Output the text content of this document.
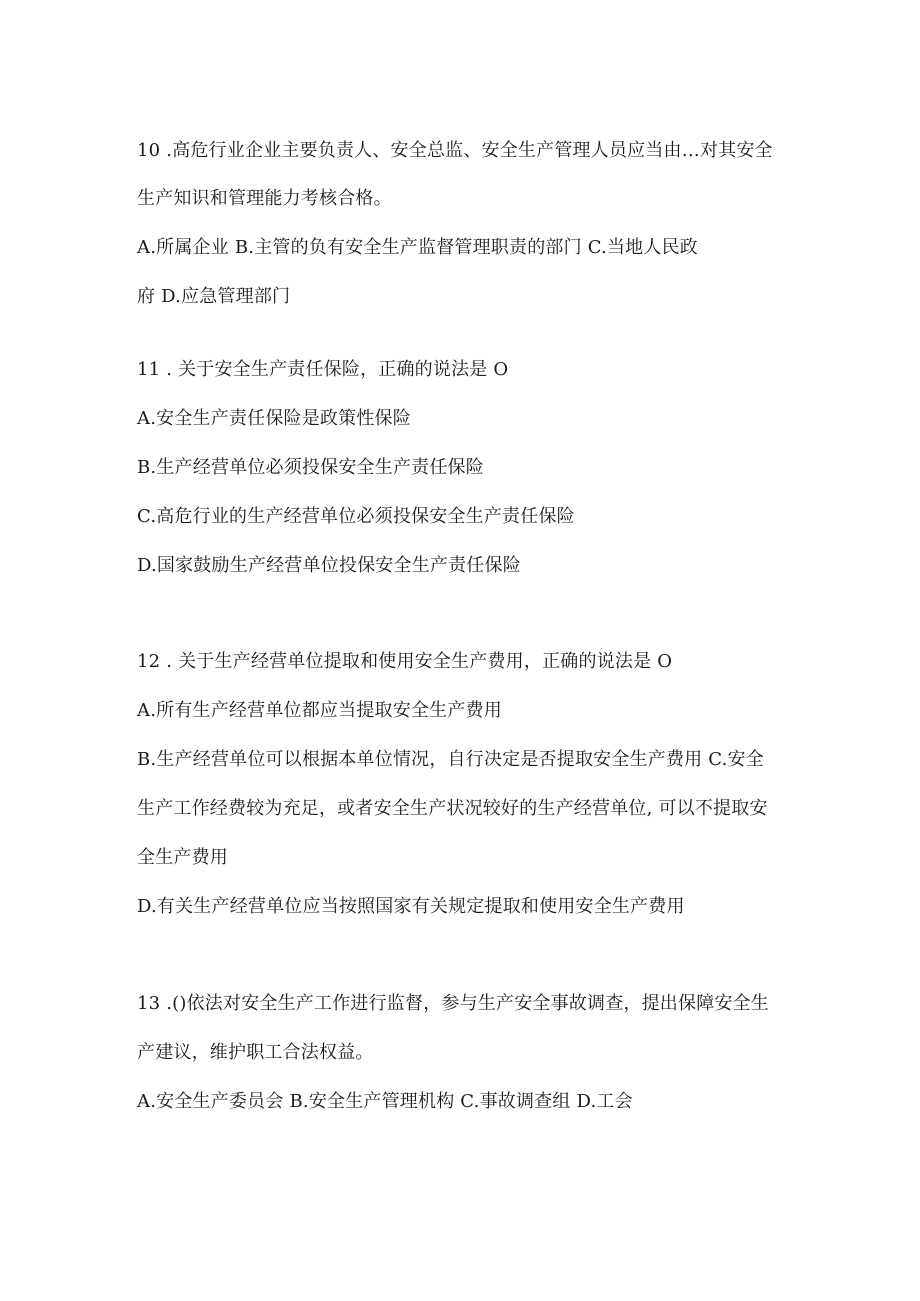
10 .高危行业企业主要负责人、安全总监、安全生产管理人员应当由…对其安全
生产知识和管理能力考核合格。
A.所属企业 B.主管的负有安全生产监督管理职责的部门 C.当地人民政
府 D.应急管理部门
11 . 关于安全生产责任保险，正确的说法是 O
A.安全生产责任保险是政策性保险
B.生产经营单位必须投保安全生产责任保险
C.高危行业的生产经营单位必须投保安全生产责任保险
D.国家鼓励生产经营单位投保安全生产责任保险
12 . 关于生产经营单位提取和使用安全生产费用，正确的说法是 O
A.所有生产经营单位都应当提取安全生产费用
B.生产经营单位可以根据本单位情况，自行决定是否提取安全生产费用 C.安全
生产工作经费较为充足，或者安全生产状况较好的生产经营单位, 可以不提取安
全生产费用
D.有关生产经营单位应当按照国家有关规定提取和使用安全生产费用
13 .()依法对安全生产工作进行监督，参与生产安全事故调查，提出保障安全生
产建议，维护职工合法权益。
A.安全生产委员会 B.安全生产管理机构 C.事故调查组 D.工会
